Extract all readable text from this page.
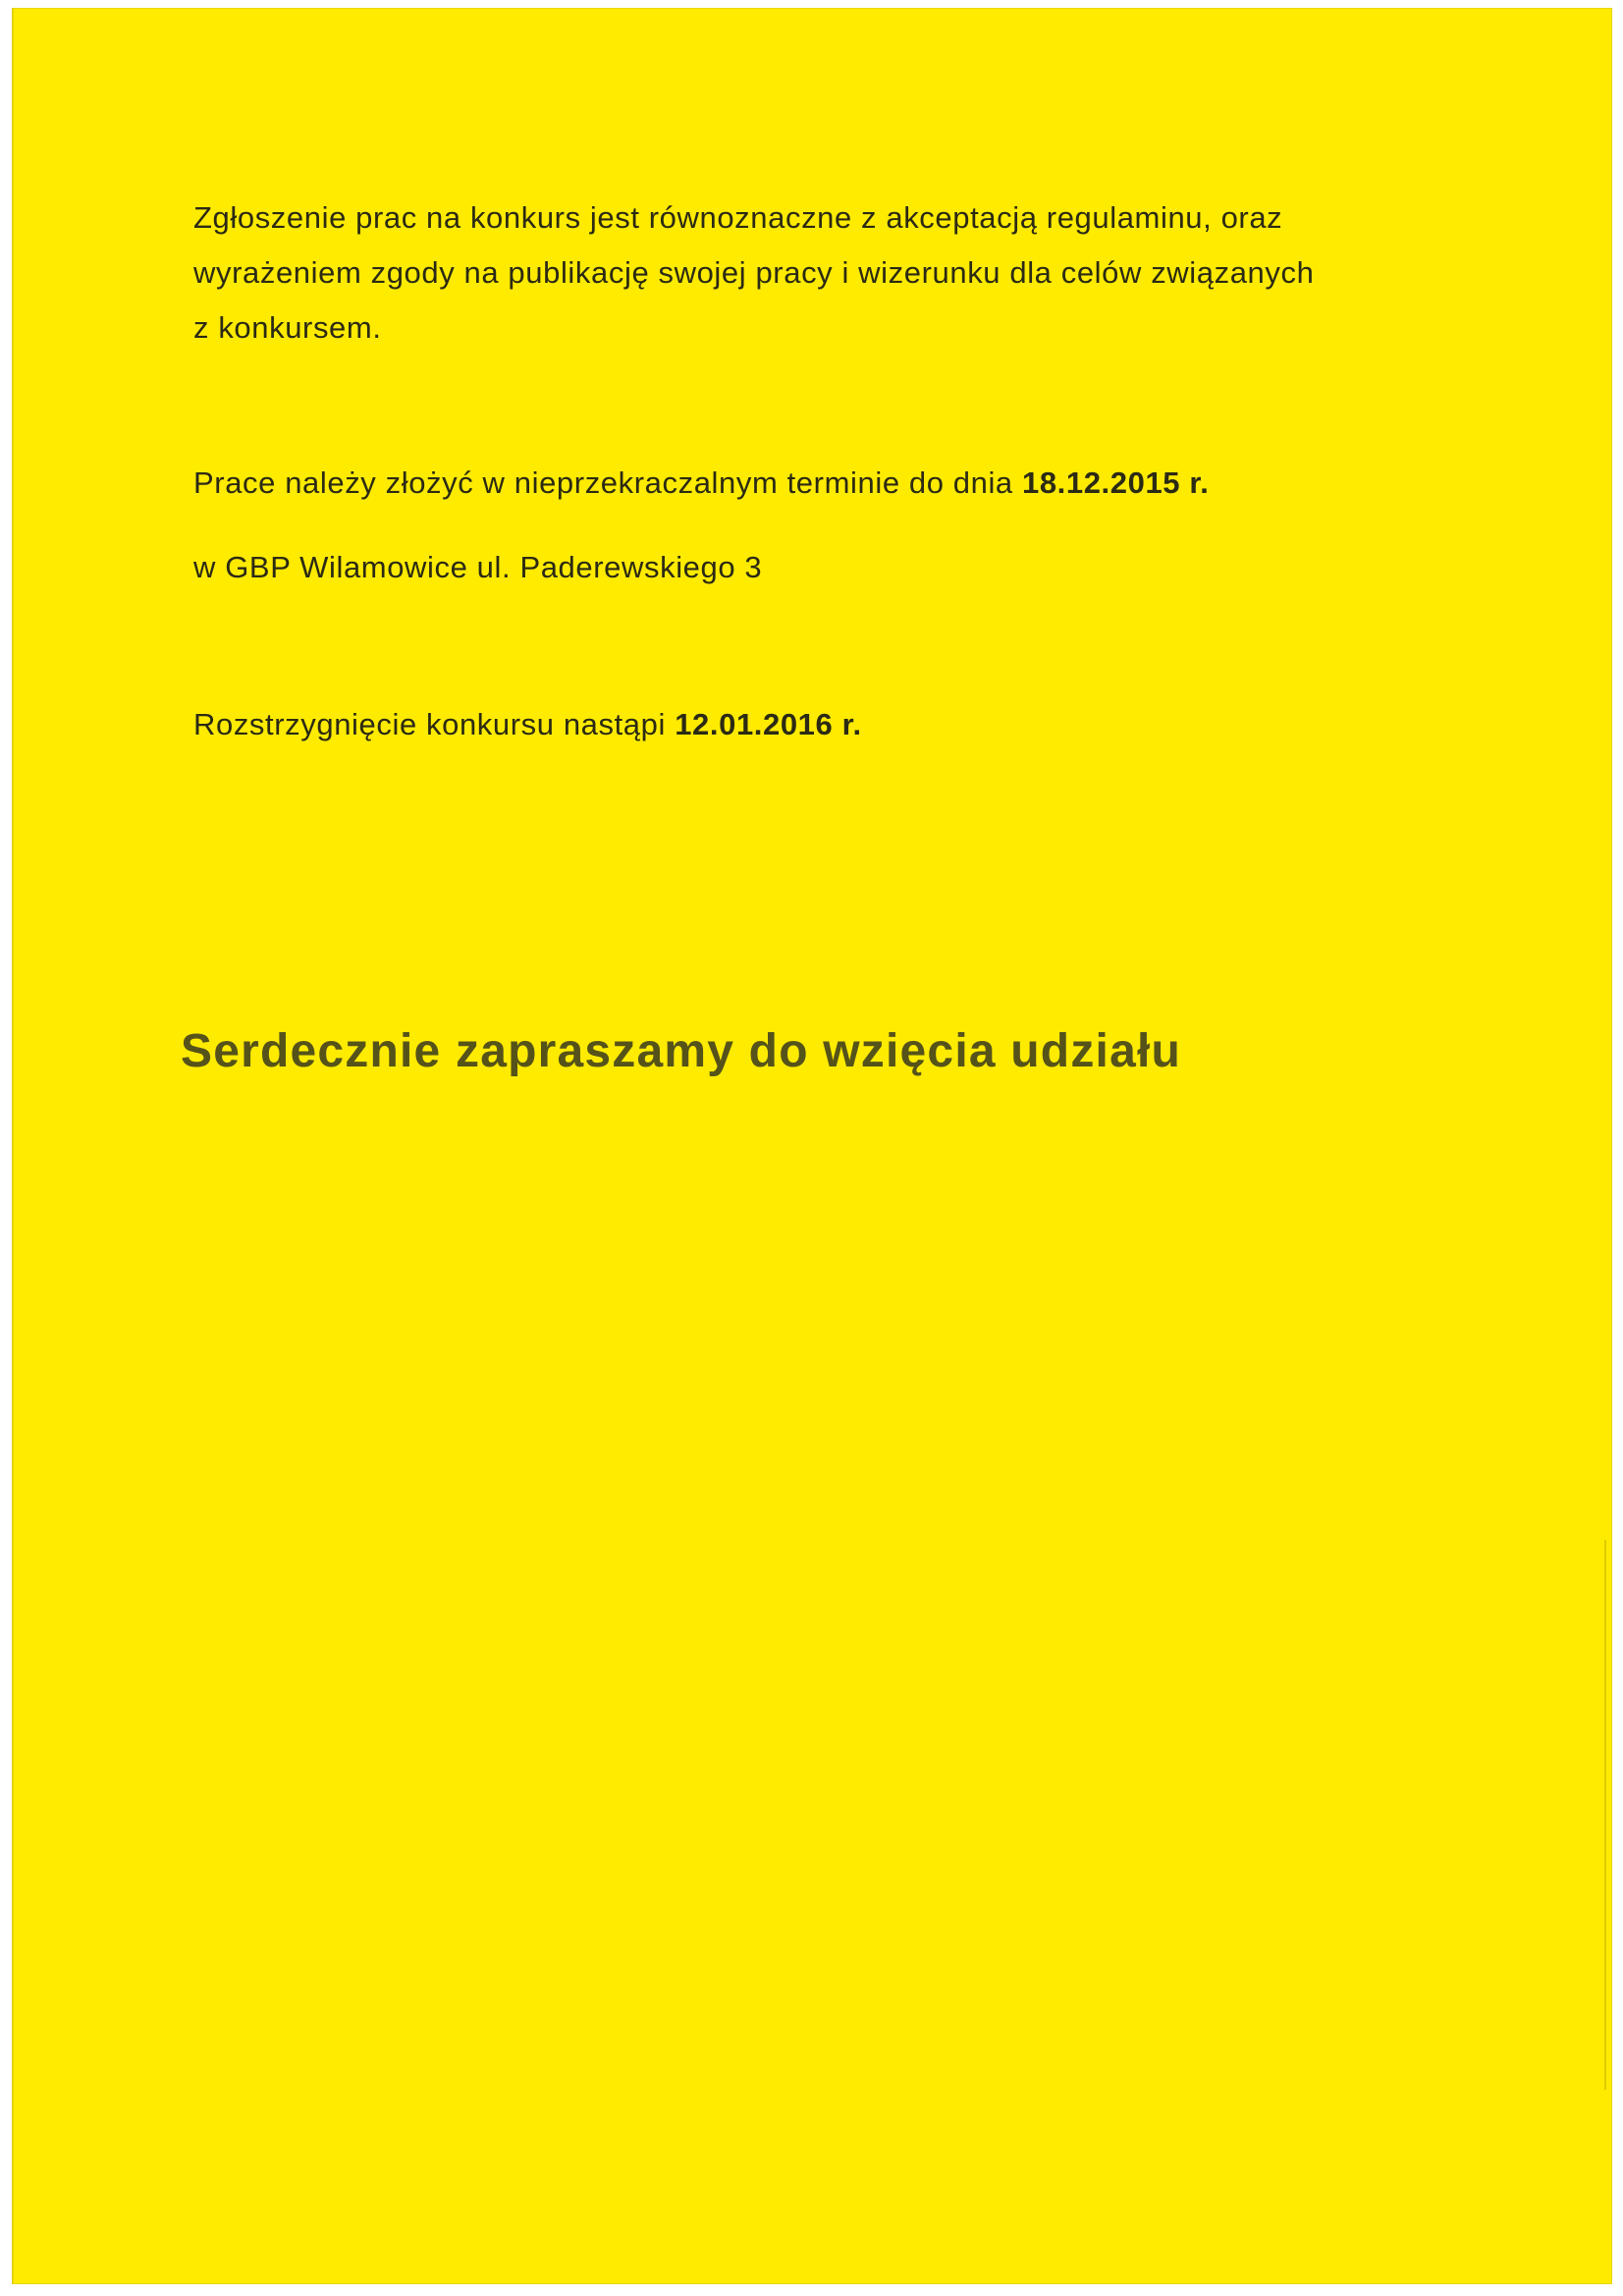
Zgłoszenie prac na konkurs jest równoznaczne z akceptacją regulaminu, oraz
wyrażeniem zgody na publikację swojej pracy i wizerunku dla celów związanych
z konkursem.
Prace należy złożyć w nieprzekraczalnym terminie do dnia 18.12.2015 r.
w GBP Wilamowice ul. Paderewskiego 3
Rozstrzygnięcie konkursu nastąpi 12.01.2016 r.
Serdecznie zapraszamy do wzięcia udziału
